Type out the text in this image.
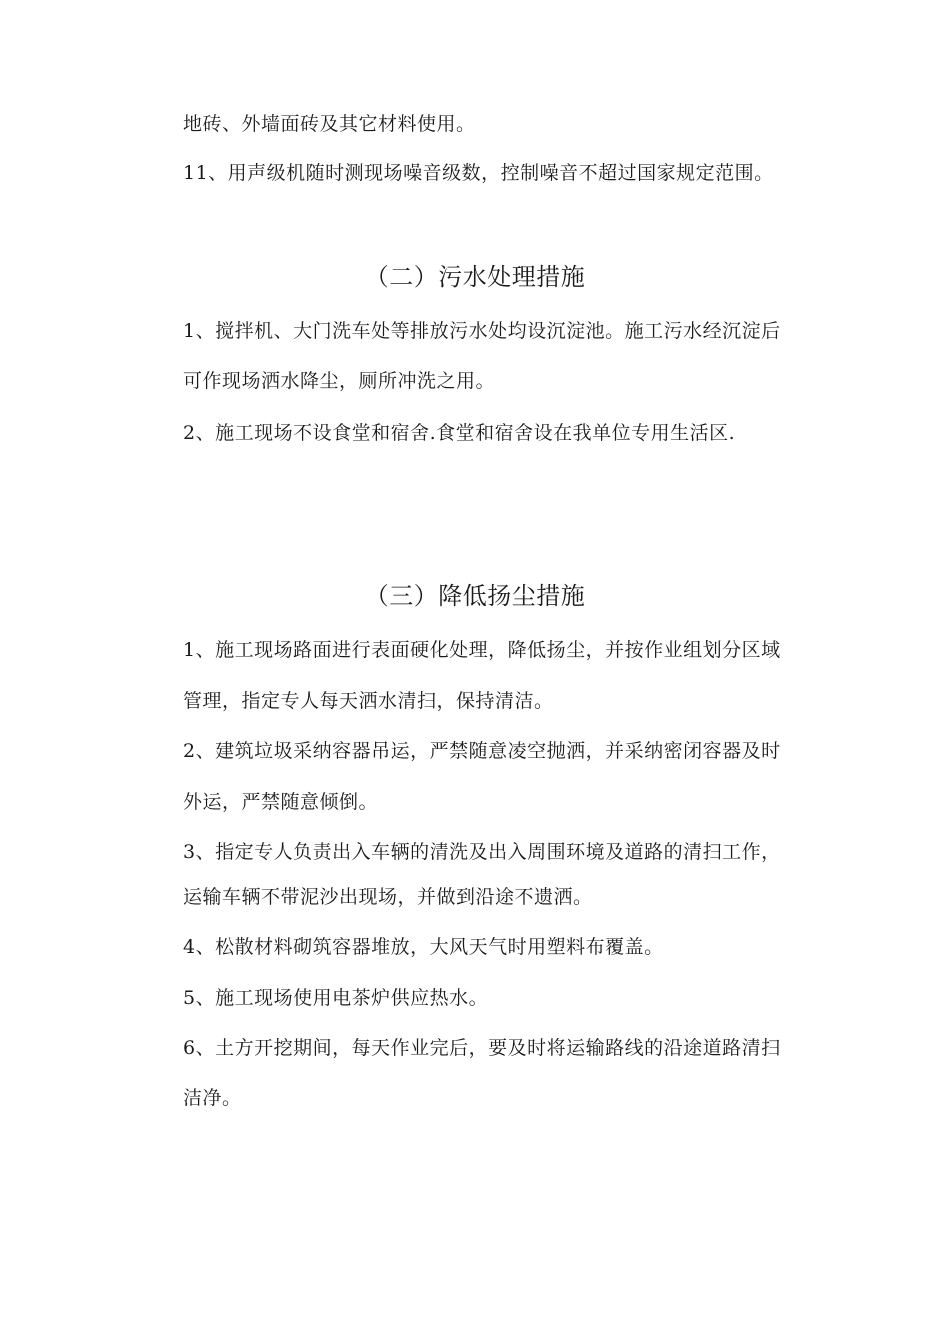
地砖、外墙面砖及其它材料使用。
11、用声级机随时测现场噪音级数，控制噪音不超过国家规定范围。
（二）污水处理措施
1、搅拌机、大门洗车处等排放污水处均设沉淀池。施工污水经沉淀后
可作现场洒水降尘，厕所冲洗之用。
2、施工现场不设食堂和宿舍.食堂和宿舍设在我单位专用生活区.
（三）降低扬尘措施
1、施工现场路面进行表面硬化处理，降低扬尘，并按作业组划分区域
管理，指定专人每天洒水清扫，保持清洁。
2、建筑垃圾采纳容器吊运，严禁随意凌空抛洒，并采纳密闭容器及时
外运，严禁随意倾倒。
3、指定专人负责出入车辆的清洗及出入周围环境及道路的清扫工作，
运输车辆不带泥沙出现场，并做到沿途不遗洒。
4、松散材料砌筑容器堆放，大风天气时用塑料布覆盖。
5、施工现场使用电茶炉供应热水。
6、土方开挖期间，每天作业完后，要及时将运输路线的沿途道路清扫
洁净。
